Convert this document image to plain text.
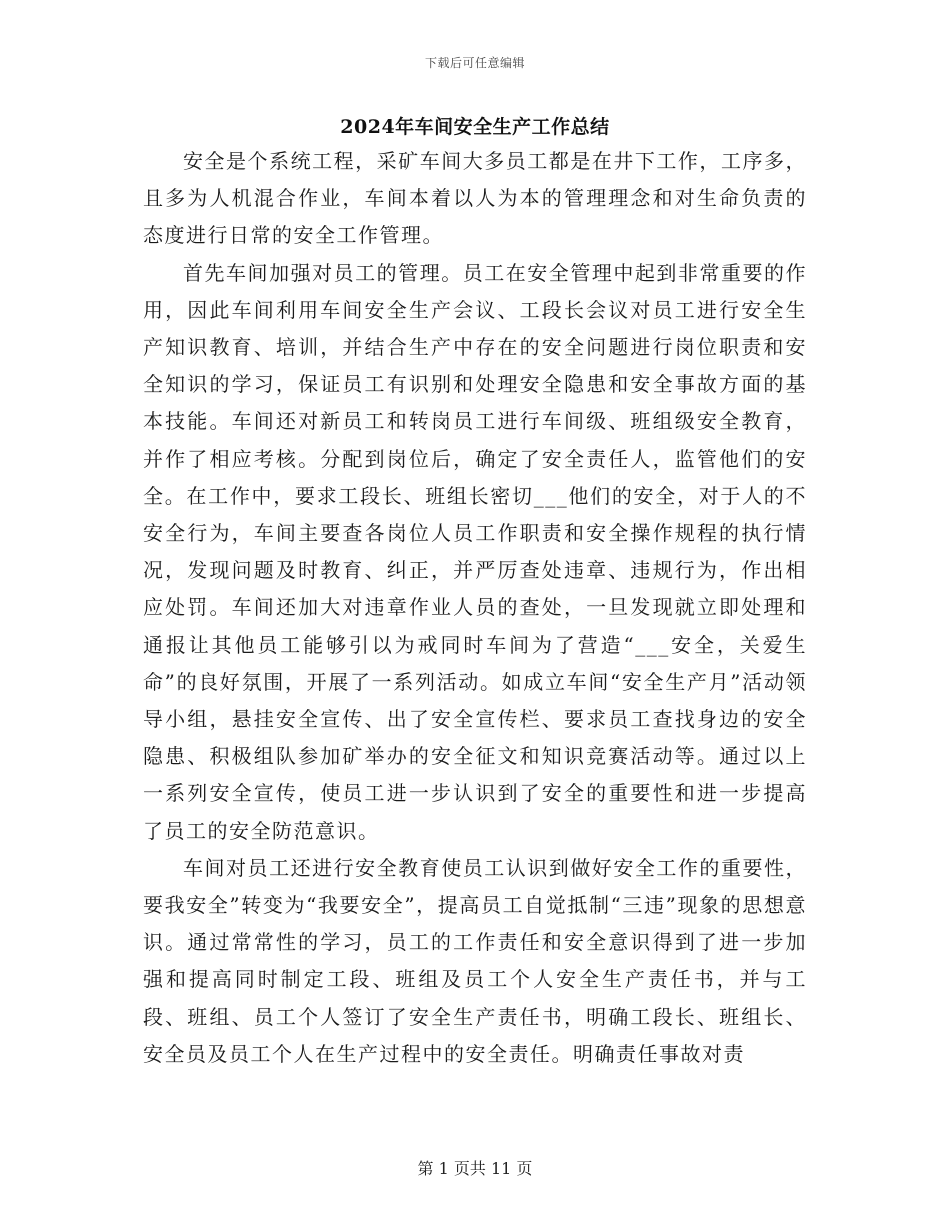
下载后可任意编辑
2024年车间安全生产工作总结

安全是个系统工程，采矿车间大多员工都是在井下工作，工序多，且多为人机混合作业，车间本着以人为本的管理理念和对生命负责的态度进行日常的安全工作管理。

首先车间加强对员工的管理。员工在安全管理中起到非常重要的作用，因此车间利用车间安全生产会议、工段长会议对员工进行安全生产知识教育、培训，并结合生产中存在的安全问题进行岗位职责和安全知识的学习，保证员工有识别和处理安全隐患和安全事故方面的基本技能。车间还对新员工和转岗员工进行车间级、班组级安全教育，并作了相应考核。分配到岗位后，确定了安全责任人，监管他们的安全。在工作中，要求工段长、班组长密切___他们的安全，对于人的不安全行为，车间主要查各岗位人员工作职责和安全操作规程的执行情况，发现问题及时教育、纠正，并严厉查处违章、违规行为，作出相应处罚。车间还加大对违章作业人员的查处，一旦发现就立即处理和通报让其他员工能够引以为戒同时车间为了营造“___安全，关爱生命”的良好氛围，开展了一系列活动。如成立车间“安全生产月”活动领导小组，悬挂安全宣传、出了安全宣传栏、要求员工查找身边的安全隐患、积极组队参加矿举办的安全征文和知识竞赛活动等。通过以上一系列安全宣传，使员工进一步认识到了安全的重要性和进一步提高了员工的安全防范意识。

车间对员工还进行安全教育使员工认识到做好安全工作的重要性，要我安全”转变为“我要安全”，提高员工自觉抵制“三违”现象的思想意识。通过常常性的学习，员工的工作责任和安全意识得到了进一步加强和提高同时制定工段、班组及员工个人安全生产责任书，并与工段、班组、员工个人签订了安全生产责任书，明确工段长、班组长、安全员及员工个人在生产过程中的安全责任。明确责任事故对责

第 1 页共 11 页
